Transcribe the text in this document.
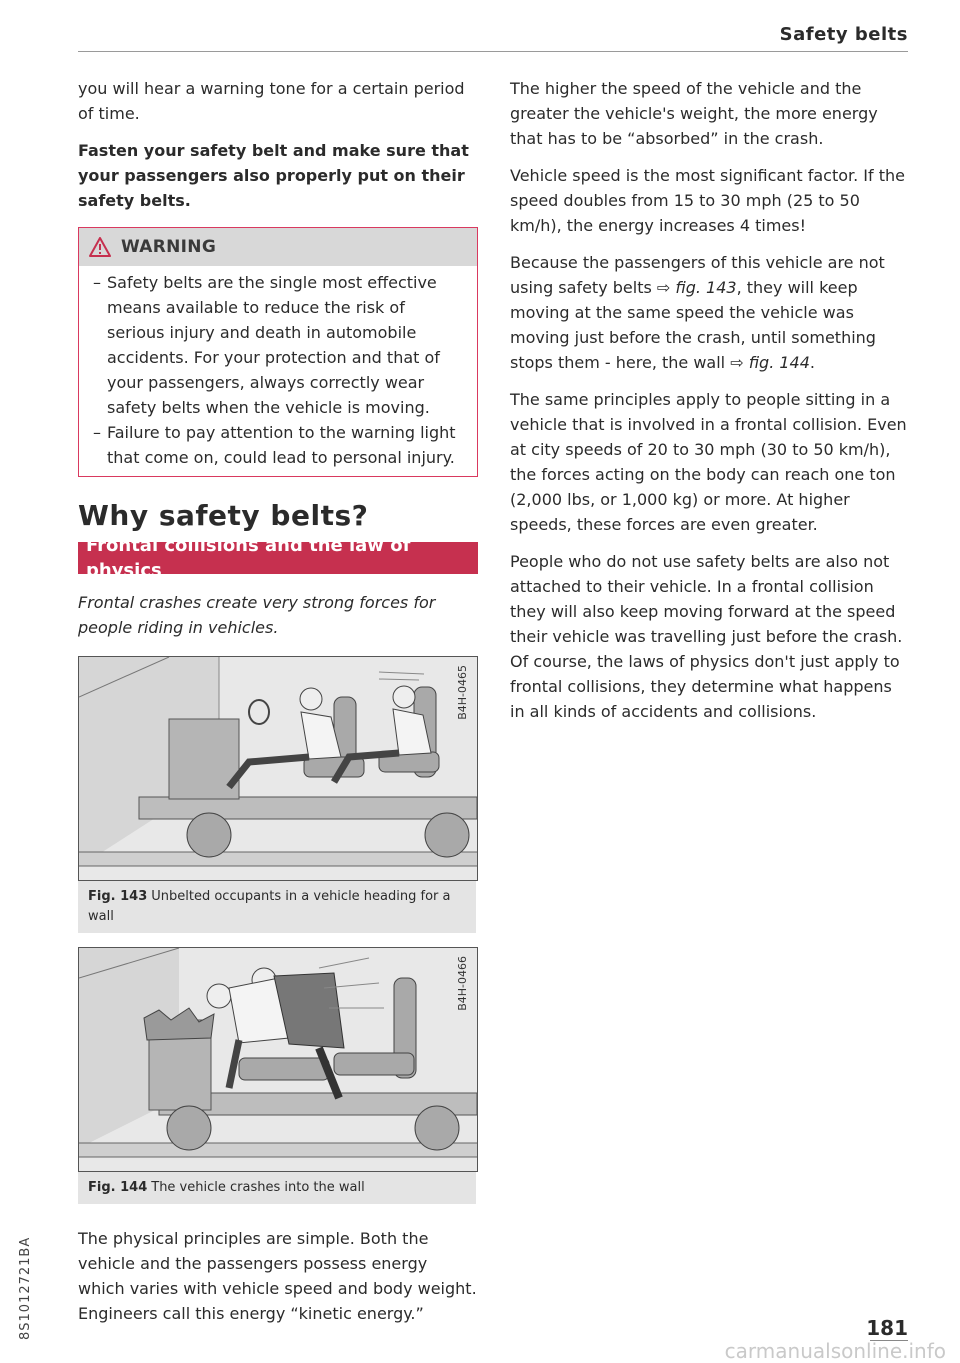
Safety belts

you will hear a warning tone for a certain period of time.

Fasten your safety belt and make sure that your passengers also properly put on their safety belts.

WARNING
– Safety belts are the single most effective means available to reduce the risk of serious injury and death in automobile accidents. For your protection and that of your passengers, always correctly wear safety belts when the vehicle is moving.
– Failure to pay attention to the warning light that come on, could lead to personal injury.
Why safety belts?
Frontal collisions and the law of physics
Frontal crashes create very strong forces for people riding in vehicles.
B4H-0465
Fig. 143 Unbelted occupants in a vehicle heading for a wall
B4H-0466
Fig. 144 The vehicle crashes into the wall

The physical principles are simple. Both the vehicle and the passengers possess energy which varies with vehicle speed and body weight. Engineers call this energy “kinetic energy.”

The higher the speed of the vehicle and the greater the vehicle's weight, the more energy that has to be “absorbed” in the crash.

Vehicle speed is the most significant factor. If the speed doubles from 15 to 30 mph (25 to 50 km/h), the energy increases 4 times!

Because the passengers of this vehicle are not using safety belts ⇨ fig. 143, they will keep moving at the same speed the vehicle was moving just before the crash, until something stops them - here, the wall ⇨ fig. 144.

The same principles apply to people sitting in a vehicle that is involved in a frontal collision. Even at city speeds of 20 to 30 mph (30 to 50 km/h), the forces acting on the body can reach one ton (2,000 lbs, or 1,000 kg) or more. At higher speeds, these forces are even greater.

People who do not use safety belts are also not attached to their vehicle. In a frontal collision they will also keep moving forward at the speed their vehicle was travelling just before the crash. Of course, the laws of physics don't just apply to frontal collisions, they determine what happens in all kinds of accidents and collisions.

8S1012721BA	181
carmanualsonline.info
